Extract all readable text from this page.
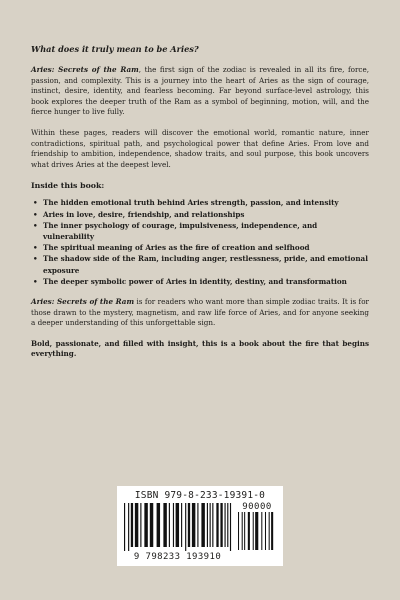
What does it truly mean to be Aries?

Aries: Secrets of the Ram, the first sign of the zodiac is revealed in all its fire, force, passion, and complexity. This is a journey into the heart of Aries as the sign of courage, instinct, desire, identity, and fearless becoming. Far beyond surface-level astrology, this book explores the deeper truth of the Ram as a symbol of beginning, motion, will, and the fierce hunger to live fully.

Within these pages, readers will discover the emotional world, romantic nature, inner contradictions, spiritual path, and psychological power that define Aries. From love and friendship to ambition, independence, shadow traits, and soul purpose, this book uncovers what drives Aries at the deepest level.

Inside this book:
• The hidden emotional truth behind Aries strength, passion, and intensity
• Aries in love, desire, friendship, and relationships
• The inner psychology of courage, impulsiveness, independence, and vulnerability
• The spiritual meaning of Aries as the fire of creation and selfhood
• The shadow side of the Ram, including anger, restlessness, pride, and emotional exposure
• The deeper symbolic power of Aries in identity, destiny, and transformation

Aries: Secrets of the Ram is for readers who want more than simple zodiac traits. It is for those drawn to the mystery, magnetism, and raw life force of Aries, and for anyone seeking a deeper understanding of this unforgettable sign.

Bold, passionate, and filled with insight, this is a book about the fire that begins everything.

ISBN 979-8-233-19391-0
90000
9 798233 193910
